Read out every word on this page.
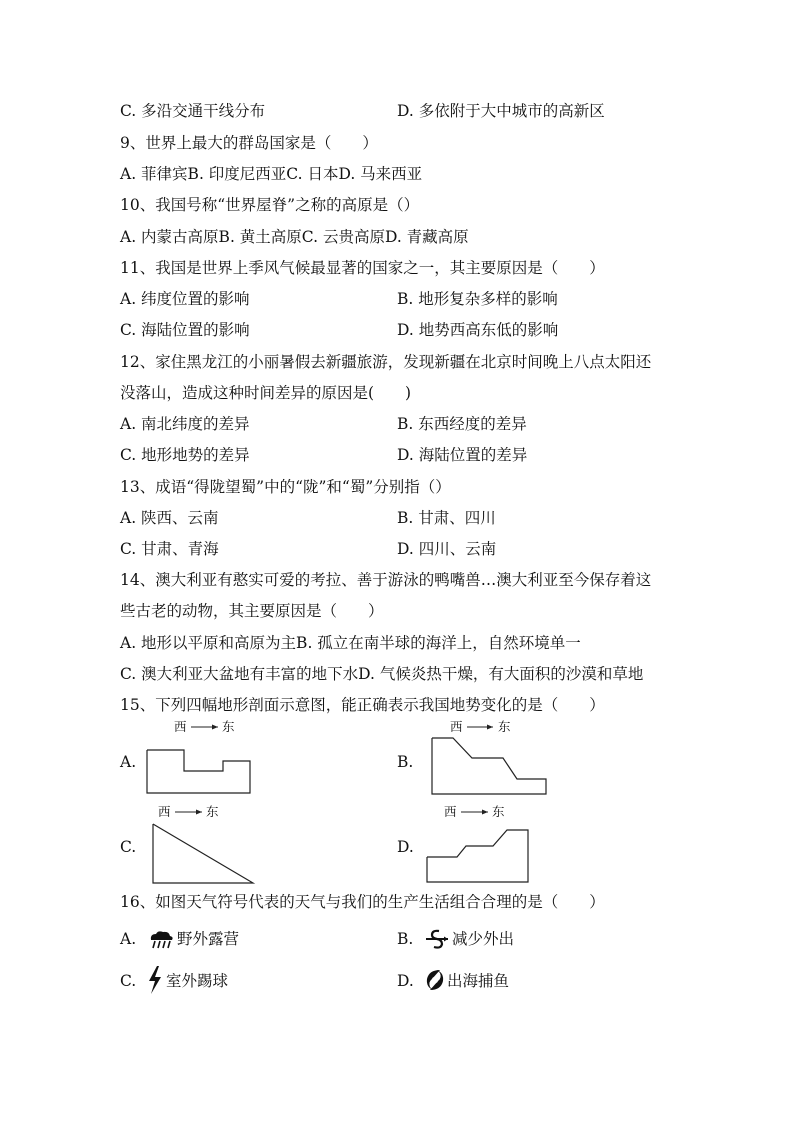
C. 多沿交通干线分布	D. 多依附于大中城市的高新区
9、世界上最大的群岛国家是（　　）
A. 菲律宾B. 印度尼西亚C. 日本D. 马来西亚
10、我国号称“世界屋脊”之称的高原是（）
A. 内蒙古高原B. 黄土高原C. 云贵高原D. 青藏高原
11、我国是世界上季风气候最显著的国家之一，其主要原因是（　　）
A. 纬度位置的影响	B. 地形复杂多样的影响
C. 海陆位置的影响	D. 地势西高东低的影响
12、家住黑龙江的小丽暑假去新疆旅游，发现新疆在北京时间晚上八点太阳还
没落山，造成这种时间差异的原因是(　　)
A. 南北纬度的差异	B. 东西经度的差异
C. 地形地势的差异	D. 海陆位置的差异
13、成语“得陇望蜀”中的“陇”和“蜀”分别指（）
A. 陕西、云南	B. 甘肃、四川
C. 甘肃、青海	D. 四川、云南
14、澳大利亚有憨实可爱的考拉、善于游泳的鸭嘴兽…澳大利亚至今保存着这
些古老的动物，其主要原因是（　　）
A. 地形以平原和高原为主B. 孤立在南半球的海洋上，自然环境单一
C. 澳大利亚大盆地有丰富的地下水D. 气候炎热干燥，有大面积的沙漠和草地
15、下列四幅地形剖面示意图，能正确表示我国地势变化的是（　　）
A.
西	东
B.
西	东
C.
西	东
D.
西	东
16、如图天气符号代表的天气与我们的生产生活组合合理的是（　　）
A.	野外露营	B. 减少外出
C. 室外踢球	D. 出海捕鱼
